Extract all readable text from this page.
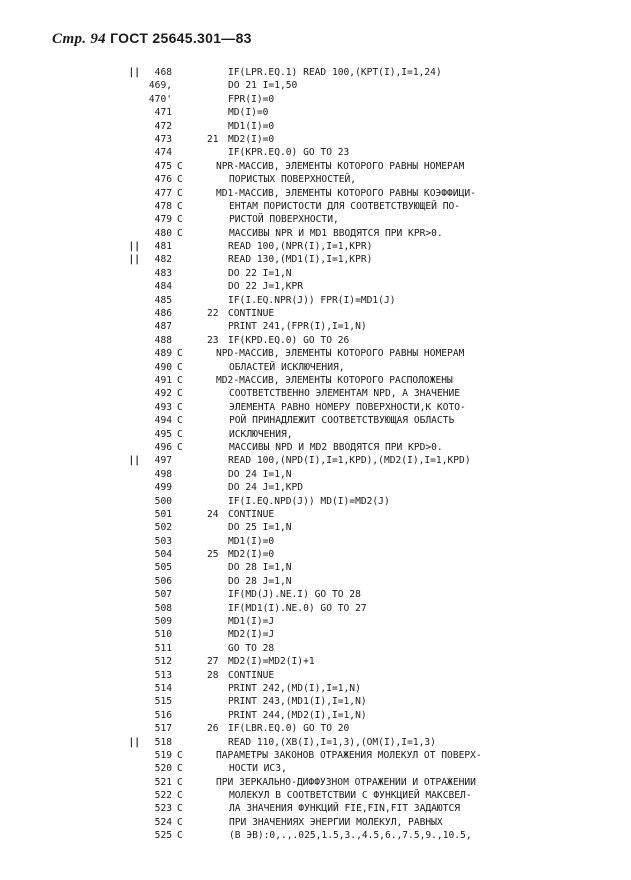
Стр. 94 ГОСТ 25645.301—83
||	468	IF(LPR.EQ.1) READ 100,(KPT(I),I=1,24)
469,	DO 21 I=1,50
470'	FPR(I)=0
471	MD(I)=0
472	MD1(I)=0
473	21 MD2(I)=0
474	IF(KPR.EQ.0) GO TO 23
475 C	NPR-МАССИВ, ЭЛЕМЕНТЫ КОТОРОГО РАВНЫ НОМЕРАМ
476 C	ПОРИСТЫХ ПОВЕРХНОСТЕЙ,
477 C	MD1-МАССИВ, ЭЛЕМЕНТЫ КОТОРОГО РАВНЫ КОЭФФИЦИ-
478 C	ЕНТАМ ПОРИСТОСТИ ДЛЯ СООТВЕТСТВУЮЩЕЙ ПО-
479 C	РИСТОЙ ПОВЕРХНОСТИ,
480 C	МАССИВЫ NPR И MD1 ВВОДЯТСЯ ПРИ KPR>0.
||	481	READ 100,(NPR(I),I=1,KPR)
||	482	READ 130,(MD1(I),I=1,KPR)
483	DO 22 I=1,N
484	DO 22 J=1,KPR
485	IF(I.EQ.NPR(J)) FPR(I)=MD1(J)
486	22 CONTINUE
487	PRINT 241,(FPR(I),I=1,N)
488	23 IF(KPD.EQ.0) GO TO 26
489 C	NPD-МАССИВ, ЭЛЕМЕНТЫ КОТОРОГО РАВНЫ НОМЕРАМ
490 C	ОБЛАСТЕЙ ИСКЛЮЧЕНИЯ,
491 C	MD2-МАССИВ, ЭЛЕМЕНТЫ КОТОРОГО РАСПОЛОЖЕНЫ
492 C	СООТВЕТСТВЕННО ЭЛЕМЕНТАМ NPD, А ЗНАЧЕНИЕ
493 C	ЭЛЕМЕНТА РАВНО НОМЕРУ ПОВЕРХНОСТИ,К КОТО-
494 C	РОЙ ПРИНАДЛЕЖИТ СООТВЕТСТВУЮЩАЯ ОБЛАСТЬ
495 C	ИСКЛЮЧЕНИЯ,
496 C	МАССИВЫ NPD И MD2 ВВОДЯТСЯ ПРИ KPD>0.
||	497	READ 100,(NPD(I),I=1,KPD),(MD2(I),I=1,KPD)
498	DO 24 I=1,N
499	DO 24 J=1,KPD
500	IF(I.EQ.NPD(J)) MD(I)=MD2(J)
501	24 CONTINUE
502	DO 25 I=1,N
503	MD1(I)=0
504	25 MD2(I)=0
505	DO 28 I=1,N
506	DO 28 J=1,N
507	IF(MD(J).NE.I) GO TO 28
508	IF(MD1(I).NE.0) GO TO 27
509	MD1(I)=J
510	MD2(I)=J
511	GO TO 28
512	27 MD2(I)=MD2(I)+1
513	28 CONTINUE
514	PRINT 242,(MD(I),I=1,N)
515	PRINT 243,(MD1(I),I=1,N)
516	PRINT 244,(MD2(I),I=1,N)
517	26 IF(LBR.EQ.0) GO TO 20
||	518	READ 110,(XB(I),I=1,3),(OM(I),I=1,3)
519 C	ПАРАМЕТРЫ ЗАКОНОВ ОТРАЖЕНИЯ МОЛЕКУЛ ОТ ПОВЕРХ-
520 C	НОСТИ ИСЗ,
521 C	ПРИ ЗЕРКАЛЬНО-ДИФФУЗНОМ ОТРАЖЕНИИ И ОТРАЖЕНИИ
522 C	МОЛЕКУЛ В СООТВЕТСТВИИ С ФУНКЦИЕЙ МАКСВЕЛ-
523 C	ЛА ЗНАЧЕНИЯ ФУНКЦИЙ FIE,FIN,FIT ЗАДАЮТСЯ
524 C	ПРИ ЗНАЧЕНИЯХ ЭНЕРГИИ МОЛЕКУЛ, РАВНЫХ
525 C	(В ЭВ):0,.,.025,1.5,3.,4.5,6.,7.5,9.,10.5,
